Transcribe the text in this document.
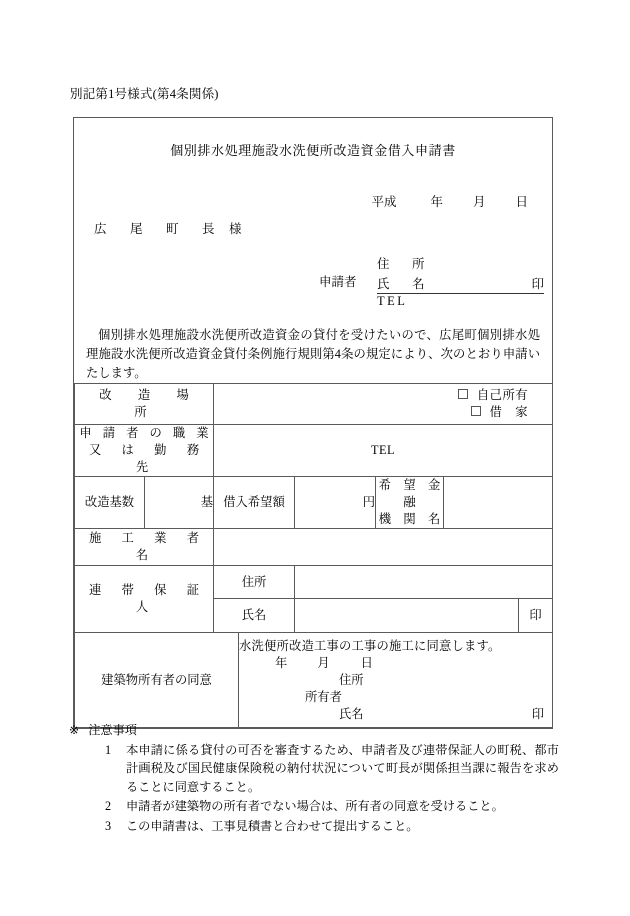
別記第1号様式(第4条関係)
個別排水処理施設水洗便所改造資金借入申請書
平成	年 月 日
広　尾　町　長 様
申請者
住　所
氏　名	印
TEL
個別排水処理施設水洗便所改造資金の貸付を受けたいので、広尾町個別排水処理施設水洗便所改造資金貸付条例施行規則第4条の規定により、次のとおり申請いたします。
改　造　場　所		自己所有
借　家					

申 請 者 の 職 業
又　は　勤　務　先		TEL					
改造基数	基	借入希望額		円	希　望　金　融
機　関　名		

施　工　業　者　名							
連　帯　保　証　人		住所					
		氏名					印
建築物所有者の同意	
水洗便所改造工事の工事の施工に同意します。
年 月	日
住所
所有者
氏名	印
※ 注意事項
1 本申請に係る貸付の可否を審査するため、申請者及び連帯保証人の町税、都市計画税及び国民健康保険税の納付状況について町長が関係担当課に報告を求めることに同意すること。
2 申請者が建築物の所有者でない場合は、所有者の同意を受けること。
3 この申請書は、工事見積書と合わせて提出すること。
